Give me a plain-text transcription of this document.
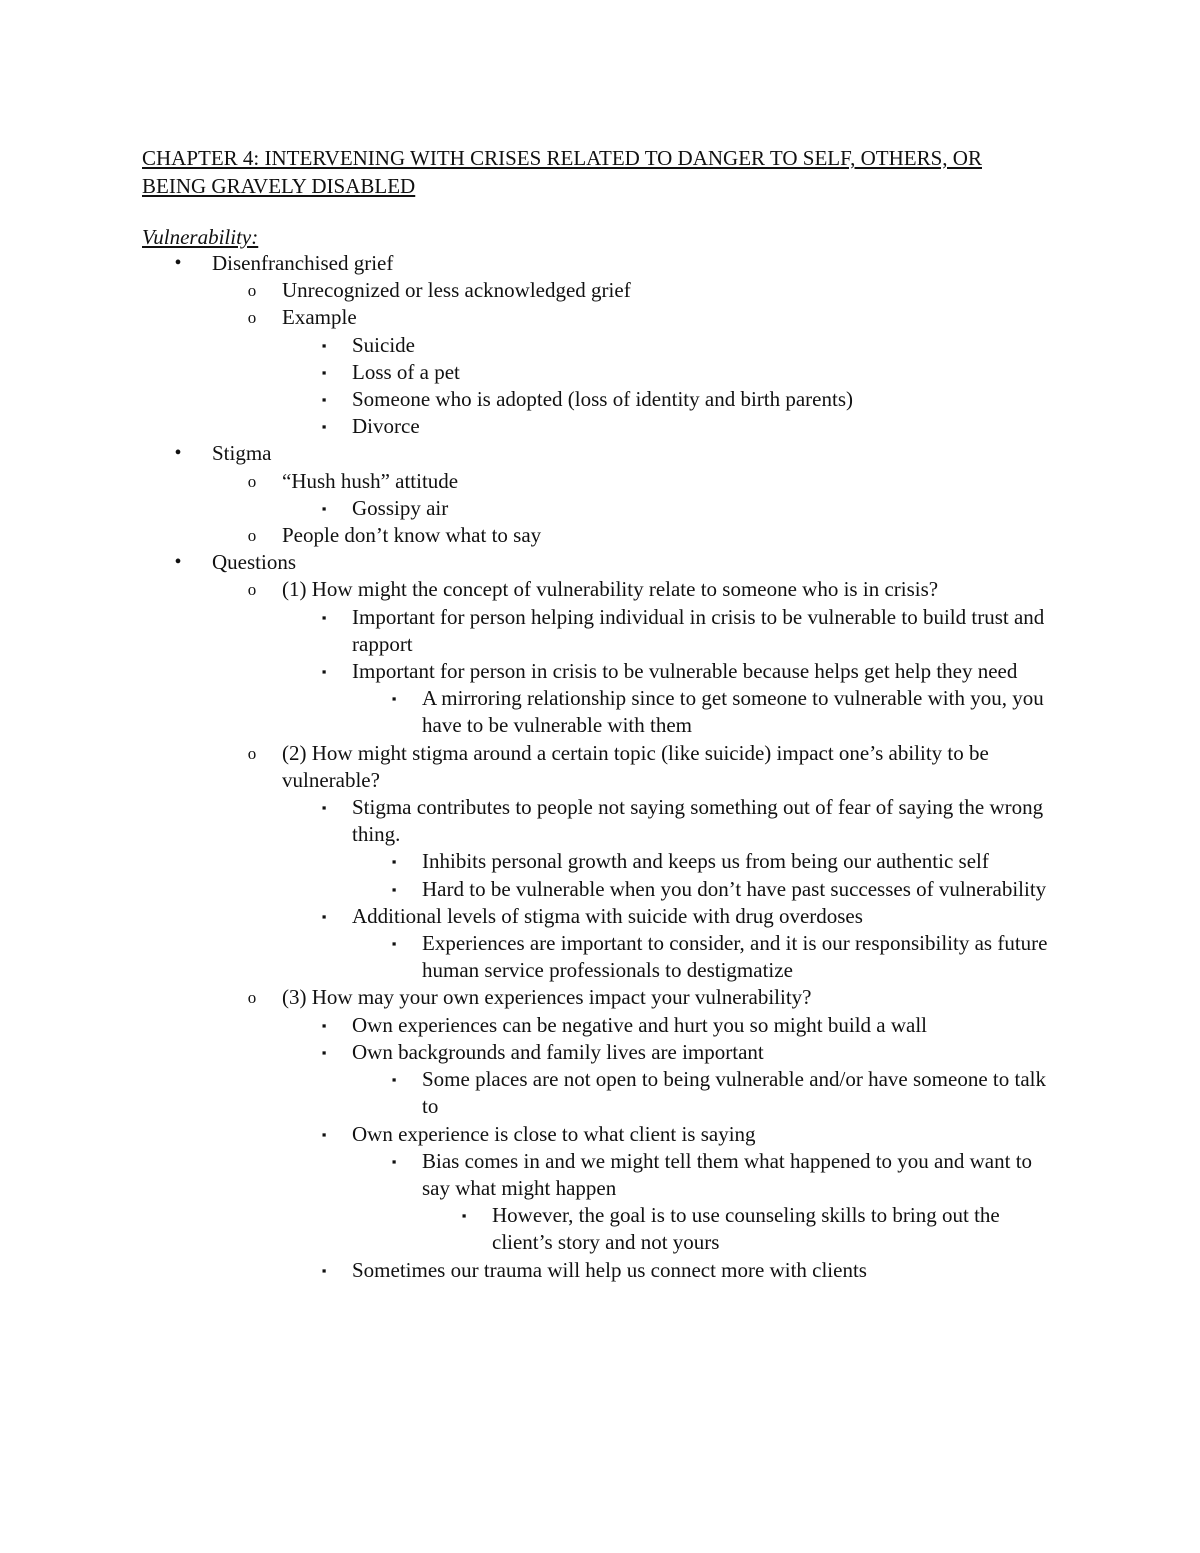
CHAPTER 4: INTERVENING WITH CRISES RELATED TO DANGER TO SELF, OTHERS, OR BEING GRAVELY DISABLED

Vulnerability:

•	Disenfranchised grief
o Unrecognized or less acknowledged grief
o Example
▪	Suicide
▪	Loss of a pet
▪	Someone who is adopted (loss of identity and birth parents)
▪	Divorce
•	Stigma
o “Hush hush” attitude
▪	Gossipy air
o People don’t know what to say
•	Questions
o (1) How might the concept of vulnerability relate to someone who is in crisis?
▪	Important for person helping individual in crisis to be vulnerable to build trust and rapport
▪	Important for person in crisis to be vulnerable because helps get help they need
▪	A mirroring relationship since to get someone to vulnerable with you, you have to be vulnerable with them
o (2) How might stigma around a certain topic (like suicide) impact one’s ability to be vulnerable?
▪	Stigma contributes to people not saying something out of fear of saying the wrong thing.
▪	Inhibits personal growth and keeps us from being our authentic self
▪	Hard to be vulnerable when you don’t have past successes of vulnerability
▪	Additional levels of stigma with suicide with drug overdoses
▪	Experiences are important to consider, and it is our responsibility as future human service professionals to destigmatize
o (3) How may your own experiences impact your vulnerability?
▪	Own experiences can be negative and hurt you so might build a wall
▪	Own backgrounds and family lives are important
▪	Some places are not open to being vulnerable and/or have someone to talk to
▪	Own experience is close to what client is saying
▪	Bias comes in and we might tell them what happened to you and want to say what might happen
▪	However, the goal is to use counseling skills to bring out the client’s story and not yours
▪	Sometimes our trauma will help us connect more with clients
